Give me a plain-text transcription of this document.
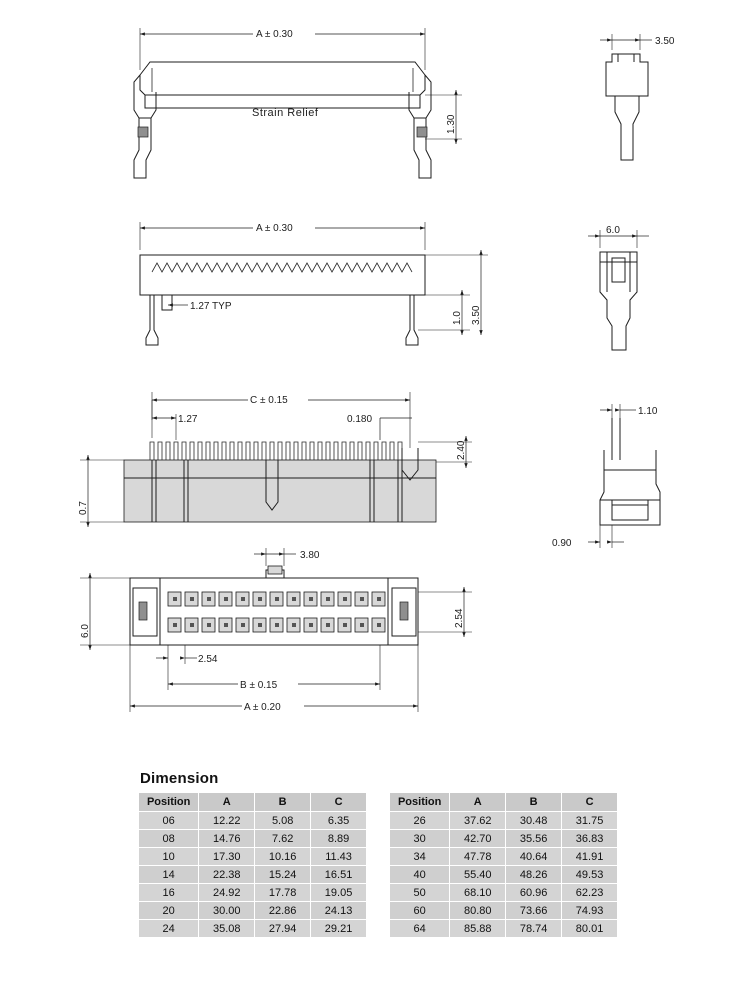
Strain Relief
A ± 0.30
1.30
3.50
A ± 0.30
1.27 TYP
1.0 3.50
6.0
C ± 0.15
1.27	0.180
2.40
0.7
1.10
0.90
3.80
6.0
2.54
2.54
B ± 0.15
A ± 0.20
Dimension
Position	A	B	C
06	12.22	5.08	6.35
08	14.76	7.62	8.89
10	17.30	10.16	11.43
14	22.38	15.24	16.51
16	24.92	17.78	19.05
20	30.00	22.86	24.13
24	35.08	27.94	29.21
Position	A	B	C
26	37.62	30.48	31.75
30	42.70	35.56	36.83
34	47.78	40.64	41.91
40	55.40	48.26	49.53
50	68.10	60.96	62.23
60	80.80	73.66	74.93
64	85.88	78.74	80.01
